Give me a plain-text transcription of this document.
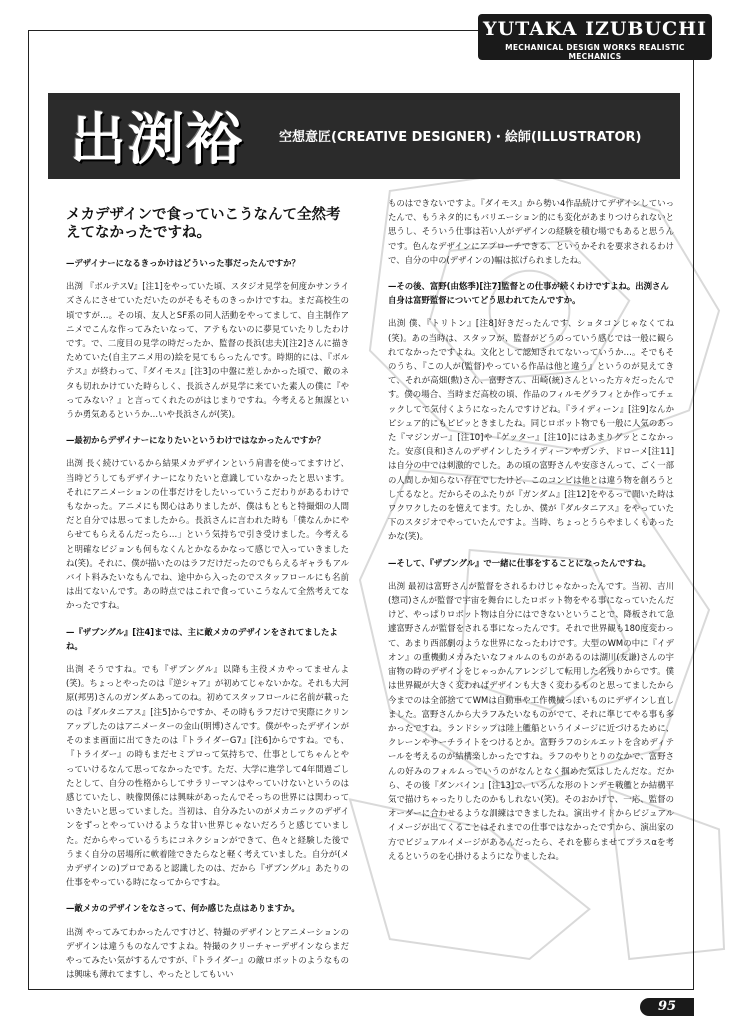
YUTAKA IZUBUCHI
MECHANICAL DESIGN WORKS REALISTIC MECHANICS
出渕裕	空想意匠(CREATIVE DESIGNER)・絵師(ILLUSTRATOR)

メカデザインで食っていこうなんて全然考えてなかったですね。

—デザイナーになるきっかけはどういった事だったんですか？

出渕 『ボルテスV』[注1]をやっていた頃、スタジオ見学を何度かサンライズさんにさせていただいたのがそもそものきっかけですね。まだ高校生の頃ですが…。その頃、友人とSF系の同人活動をやってまして、自主制作アニメでこんな作ってみたいなって、アテもないのに夢見ていたりしたわけです。で、二度目の見学の時だったか、監督の長浜(忠夫)[注2]さんに描きためていた(自主アニメ用の)絵を見てもらったんです。時期的には、『ボルテス』が終わって、『ダイモス』[注3]の中盤に差しかかった頃で、敵のネタも切れかけていた時らしく、長浜さんが見学に来ていた素人の僕に『やってみない？』と言ってくれたのがはじまりですね。今考えると無謀というか勇気あるというか…いや長浜さんが(笑)。

—最初からデザイナーになりたいというわけではなかったんですか？

出渕 長く続けているから結果メカデザインという肩書を使ってますけど、当時どうしてもデザイナーになりたいと意識していなかったと思います。それにアニメーションの仕事だけをしたいっていうこだわりがあるわけでもなかった。アニメにも関心はありましたが、僕はもともと特撮畑の人間だと自分では思ってましたから。長浜さんに言われた時も「僕なんかにやらせてもらえるんだったら…」という気持ちで引き受けました。今考えると明確なビジョンも何もなくんとかなるかなって感じで入っていきましたね(笑)。それに、僕が描いたのはラフだけだったのでもらえるギャラもアルバイト料みたいなもんでね、途中から入ったのでスタッフロールにも名前は出てないんです。あの時点ではこれで食っていこうなんて全然考えてなかったですね。

—『ザブングル』[注4]までは、主に敵メカのデザインをされてましたよね。

出渕 そうですね。でも『ザブングル』以降も主役メカやってませんよ(笑)。ちょっとやったのは『逆シャア』が初めてじゃないかな。それも大河原(邦男)さんのガンダムあってのね。初めてスタッフロールに名前が載ったのは『ダルタニアス』[注5]からですか、その時もラフだけで実際にクリンアップしたのはアニメーターの金山(明博)さんです。僕がやったデザインがそのまま画面に出てきたのは『トライダーG7』[注6]からですね。でも、『トライダー』の時もまだセミプロって気持ちで、仕事としてちゃんとやっていけるなんて思ってなかったです。ただ、大学に進学して4年間過ごしたとして、自分の性格からしてサラリーマンはやっていけないというのは感じていたし、映像関係には興味があったんでそっちの世界には関わっていきたいと思っていました。当初は、自分みたいのがメカニックのデザインをずっとやっていけるような甘い世界じゃないだろうと感じていました。だからやっているうちにコネクションができて、色々と経験した後でうまく自分の居場所に軟着陸できたらなと軽く考えていました。自分が(メカデザインの)プロであると認識したのは、だから『ザブングル』あたりの仕事をやっている時になってからですね。

—敵メカのデザインをなさって、何か感じた点はありますか。

出渕 やってみてわかったんですけど、特撮のデザインとアニメーションのデザインは違うものなんですよね。特撮のクリーチャーデザインならまだやってみたい気がするんですが、『トライダー』の敵ロボットのようなものは興味も薄れてますし、やったとしてもいい

ものはできないですよ。『ダイモス』から勢い4作品続けてデザインしていったんで、もうネタ的にもバリエーション的にも変化があまりつけられないと思うし、そういう仕事は若い人がデザインの経験を積む場でもあると思うんです。色んなデザインにアプローチできる、というかそれを要求されるわけで、自分の中の(デザインの)幅は拡げられましたね。

—その後、富野(由悠季)[注7]監督との仕事が続くわけですよね。出渕さん自身は富野監督についてどう思われてたんですか。

出渕 僕、『トリトン』[注8]好きだったんです、ショタコンじゃなくてね(笑)。あの当時は、スタッフが、監督がどうのっていう感じでは一般に観られてなかったですよね。文化として認知されてないっていうか…。そでもそのうち、『この人が(監督)やっている作品は他と違う』というのが見えてきて、それが高畑(勲)さん、富野さん、出崎(統)さんといった方々だったんです。僕の場合、当時まだ高校の頃、作品のフィルモグラフィとか作ってチェックしてて気付くようになったんですけどね。『ライディーン』[注9]なんかピシュア的にもピピッときましたね。同じロボット物でも一般に人気のあった『マジンガー』[注10]や『ゲッター』[注10]にはあまりグッとこなかった。安彦(良和)さんのデザインしたライディーンやガンテ、ドローメ[注11]は自分の中では刺激的でした。あの頃の富野さんや安彦さんって、ごく一部の人間しか知らない存在でしたけど、このコンビは他とは違う物を創ろうとしてるなと。だからそのふたりが『ガンダム』[注12]をやるって聞いた時はワクワクしたのを憶えてます。たしか、僕が『ダルタニアス』をやっていた下のスタジオでやっていたんですよ。当時、ちょっとうらやましくもあったかな(笑)。

—そして、『ザブングル』で一緒に仕事をすることになったんですね。

出渕 最初は富野さんが監督をされるわけじゃなかったんです。当初、吉川(惣司)さんが監督で宇宙を舞台にしたロボット物をやる事になっていたんだけど、やっぱりロボット物は自分にはできないということで、降板されて急遽富野さんが監督をされる事になったんです。それで世界観も180度変わって、あまり西部劇のような世界になったわけです。大型のWMの中に『イデオン』の重機動メカみたいなフォルムのものがあるのは湖川(友謙)さんの宇宙物の時のデザインをじゃっかんアレンジして転用した名残りからです。僕は世界観が大きく変わればデザインも大きく変わるものと思ってましたから今までのは全部捨ててWMは自動車や工作機械っぽいものにデザインし直しました。富野さんから大ラフみたいなものがでて、それに準じてやる事も多かったですね。ランドシップは陸上艦船というイメージに近づけるために、クレーンやサーチライトをつけるとか。富野ラフのシルエットを含めディテールを考えるのが結構楽しかったですね。ラフのやりとりのなかで、富野さんの好みのフォルムっていうのがなんとなく掴めた気はしたんだな。だから、その後『ダンバイン』[注13]で、いろんな形のトンデモ戦艦とか結構平気で描けちゃったりしたのかもしれない(笑)。そのおかげで、一応、監督のオーダーに合わせるような訓練はできましたね。演出サイドからビジュアルイメージが出てくることはそれまでの仕事ではなかったですから、演出家の方でビジュアルイメージがあるんだったら、それを膨らませてプラスαを考えるというのを心掛けるようになりましたね。

95
